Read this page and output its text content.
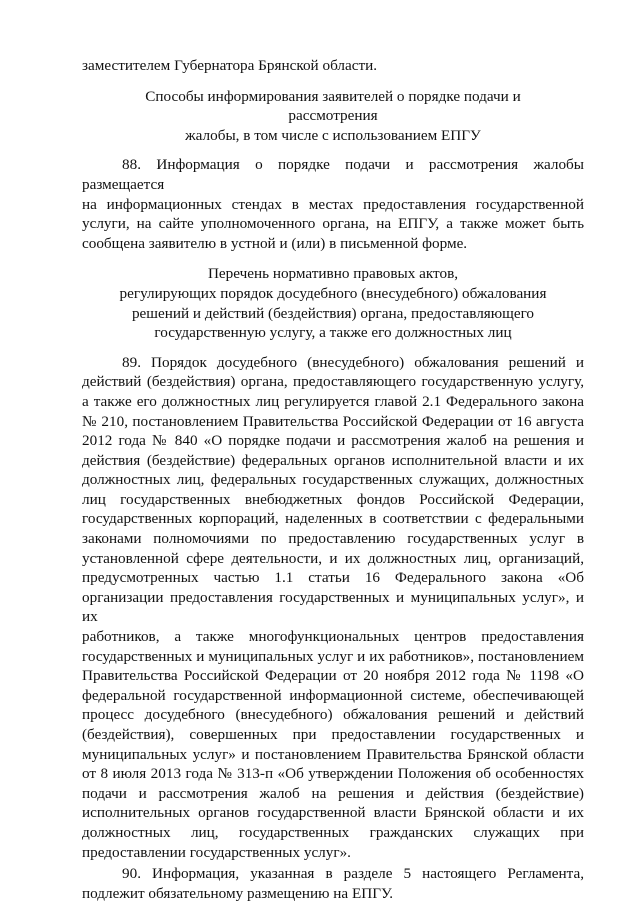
заместителем Губернатора Брянской области.
Способы информирования заявителей о порядке подачи и
рассмотрения
жалобы, в том числе с использованием ЕПГУ
88. Информация о порядке подачи и рассмотрения жалобы размещается
на информационных стендах в местах предоставления государственной
услуги, на сайте уполномоченного органа, на ЕПГУ, а также может быть
сообщена заявителю в устной и (или) в письменной форме.
Перечень нормативно правовых актов,
регулирующих порядок досудебного (внесудебного) обжалования
решений и действий (бездействия) органа, предоставляющего
государственную услугу, а также его должностных лиц
89. Порядок досудебного (внесудебного) обжалования решений и
действий (бездействия) органа, предоставляющего государственную услугу,
а также его должностных лиц регулируется главой 2.1 Федерального закона
№ 210, постановлением Правительства Российской Федерации от 16 августа
2012 года № 840 «О порядке подачи и рассмотрения жалоб на решения и
действия (бездействие) федеральных органов исполнительной власти и их
должностных лиц, федеральных государственных служащих, должностных
лиц государственных внебюджетных фондов Российской Федерации,
государственных корпораций, наделенных в соответствии с федеральными
законами полномочиями по предоставлению государственных услуг в
установленной сфере деятельности, и их должностных лиц, организаций,
предусмотренных частью 1.1 статьи 16 Федерального закона «Об
организации предоставления государственных и муниципальных услуг», и их
работников, а также многофункциональных центров предоставления
государственных и муниципальных услуг и их работников», постановлением
Правительства Российской Федерации от 20 ноября 2012 года № 1198 «О
федеральной государственной информационной системе, обеспечивающей
процесс досудебного (внесудебного) обжалования решений и действий
(бездействия), совершенных при предоставлении государственных и
муниципальных услуг» и постановлением Правительства Брянской области
от 8 июля 2013 года № 313-п «Об утверждении Положения об особенностях
подачи и рассмотрения жалоб на решения и действия (бездействие)
исполнительных органов государственной власти Брянской области и их
должностных лиц, государственных гражданских служащих при
предоставлении государственных услуг».
90. Информация, указанная в разделе 5 настоящего Регламента,
подлежит обязательному размещению на ЕПГУ.
